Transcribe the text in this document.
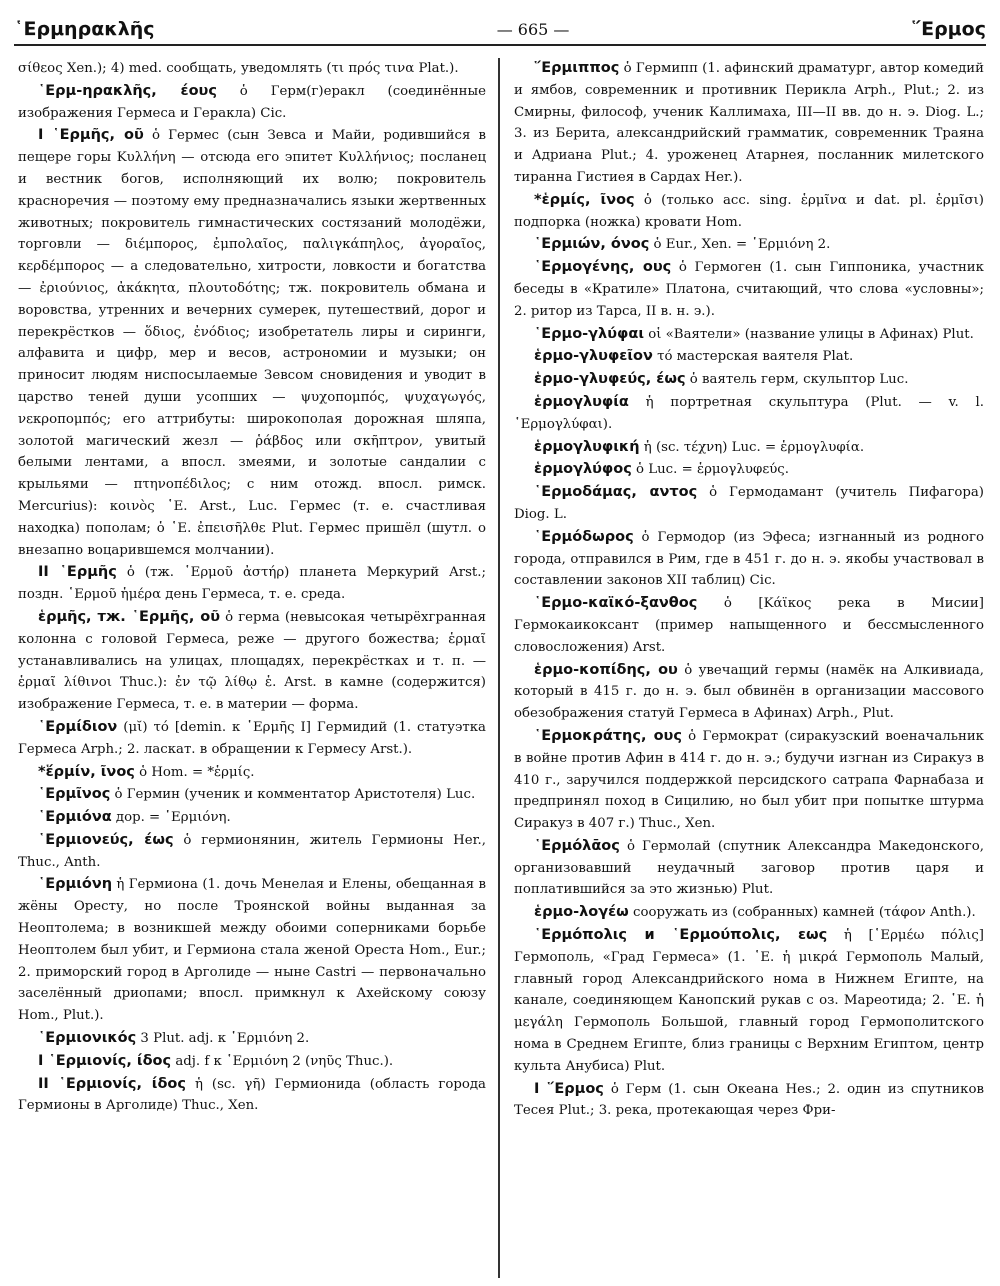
῾Ερμηρακλῆς	— 665 —	῞Ερμος

σίθεος Xen.); 4) med. сообщать, уведомлять (τι πρός τινα Plat.).

῾Ερμ-ηρακλῆς, έους ὁ Герм(г)еракл (соединённые изображения Гермеса и Геракла) Cic.

I ῾Ερμῆς, οῦ ὁ Гермес (сын Зевса и Майи, родившийся в пещере горы Κυλλήνη — отсюда его эпитет Κυλλήνιος; посланец и вестник богов, исполняющий их волю; покровитель красноречия — поэтому ему предназначались языки жертвенных животных; покровитель гимнастических состязаний молодёжи, торговли — διέμπορος, ἐμπολαῖος, παλιγκάπηλος, ἀγοραῖος, κερδέμπορος — а следовательно, хитрости, ловкости и богатства — ἐριούνιος, ἀκάκητα, πλουτοδότης; тж. покровитель обмана и воровства, утренних и вечерних сумерек, путешествий, дорог и перекрёстков — ὅδιος, ἐνόδιος; изобретатель лиры и сиринги, алфавита и цифр, мер и весов, астрономии и музыки; он приносит людям ниспосылаемые Зевсом сновидения и уводит в царство теней души усопших — ψυχοπομπός, ψυχαγωγός, νεκροπομπός; его аттрибуты: широкополая дорожная шляпа, золотой магический жезл — ῥάβδος или σκῆπτρον, увитый белыми лентами, а впосл. змеями, и золотые сандалии с крыльями — πτηνοπέδιλος; с ним отожд. впосл. римск. Mercurius): κοινὸς ῾Ε. Arst., Luc. Гермес (т. е. счастливая находка) пополам; ὁ ῾Ε. ἐπεισῆλθε Plut. Гермес пришёл (шутл. о внезапно воцарившемся молчании).

II ῾Ερμῆς ὁ (тж. ῾Ερμοῦ ἀστήρ) планета Меркурий Arst.; поздн. ῾Ερμοῦ ἡμέρα день Гермеса, т. е. среда.

ἑρμῆς, тж. ῾Ερμῆς, οῦ ὁ герма (невысокая четырёхгранная колонна с головой Гермеса, реже — другого божества; ἑρμαῖ устанавливались на улицах, площадях, перекрёстках и т. п. — ἑρμαῖ λίθινοι Thuc.): ἐν τῷ λίθῳ ἑ. Arst. в камне (содержится) изображение Гермеса, т. е. в материи — форма.

῾Ερμίδιον (μῐ) τό [demin. к ῾Ερμῆς I] Гермидий (1. статуэтка Гермеса Arph.; 2. ласкат. в обращении к Гермесу Arst.).

*ἕρμίν, ῖνος ὁ Hom. = *ἑρμίς.

῾Ερμῖνος ὁ Гермин (ученик и комментатор Аристотеля) Luc.

῾Ερμιόνα дор. = ῾Ερμιόνη.

῾Ερμιονεύς, έως ὁ гермионянин, житель Гермионы Her., Thuc., Anth.

῾Ερμιόνη ἡ Гермиона (1. дочь Менелая и Елены, обещанная в жёны Оресту, но после Троянской войны выданная за Неоптолема; в возникшей между обоими соперниками борьбе Неоптолем был убит, и Гермиона стала женой Ореста Hom., Eur.; 2. приморский город в Арголиде — ныне Castri — первоначально заселённый дриопами; впосл. примкнул к Ахейскому союзу Hom., Plut.).

῾Ερμιονικός 3 Plut. adj. к ῾Ερμιόνη 2.

I ῾Ερμιονίς, ίδος adj. f к ῾Ερμιόνη 2 (νηῦς Thuc.).

II ῾Ερμιονίς, ίδος ἡ (sc. γῆ) Гермионида (область города Гермионы в Арголиде) Thuc., Xen.

῞Ερμιππος ὁ Гермипп (1. афинский драматург, автор комедий и ямбов, современник и противник Перикла Arph., Plut.; 2. из Смирны, философ, ученик Каллимаха, III—II вв. до н. э. Diog. L.; 3. из Берита, александрийский грамматик, современник Траяна и Адриана Plut.; 4. уроженец Атарнея, посланник милетского тиранна Гистиея в Сардах Her.).

*ἑρμίς, ῖνος ὁ (только acc. sing. ἑρμῖνα и dat. pl. ἑρμῖσι) подпорка (ножка) кровати Hom.

῾Ερμιών, όνος ὁ Eur., Xen. = ῾Ερμιόνη 2.

῾Ερμογένης, ους ὁ Гермоген (1. сын Гиппоника, участник беседы в «Кратиле» Платона, считающий, что слова «условны»; 2. ритор из Тарса, II в. н. э.).

῾Ερμο-γλύφαι οἱ «Ваятели» (название улицы в Афинах) Plut.

ἑρμο-γλυφεῖον τό мастерская ваятеля Plat.

ἑρμο-γλυφεύς, έως ὁ ваятель герм, скульптор Luc.

ἑρμογλυφία ἡ портретная скульптура (Plut. — v. l. ῾Ερμογλύφαι).

ἑρμογλυφική ἡ (sc. τέχνη) Luc. = ἑρμογλυφία.

ἑρμογλύφος ὁ Luc. = ἑρμογλυφεύς.

῾Ερμοδάμας, αντος ὁ Гермодамант (учитель Пифагора) Diog. L.

῾Ερμόδωρος ὁ Гермодор (из Эфеса; изгнанный из родного города, отправился в Рим, где в 451 г. до н. э. якобы участвовал в составлении законов XII таблиц) Cic.

῾Ερμο-καϊκό-ξανθος ὁ [Κάϊκος река в Мисии] Гермокаикоксант (пример напыщенного и бессмысленного словосложения) Arst.

ἑρμο-κοπίδης, ου ὁ увечащий гермы (намёк на Алкивиада, который в 415 г. до н. э. был обвинён в организации массового обезображения статуй Гермеса в Афинах) Arph., Plut.

῾Ερμοκράτης, ους ὁ Гермократ (сиракузский военачальник в войне против Афин в 414 г. до н. э.; будучи изгнан из Сиракуз в 410 г., заручился поддержкой персидского сатрапа Фарнабаза и предпринял поход в Сицилию, но был убит при попытке штурма Сиракуз в 407 г.) Thuc., Xen.

῾Ερμόλᾱος ὁ Гермолай (спутник Александра Македонского, организовавший неудачный заговор против царя и поплатившийся за это жизнью) Plut.

ἑρμο-λογέω сооружать из (собранных) камней (τάφον Anth.).

῾Ερμόπολις и ῾Ερμούπολις, εως ἡ [῾Ερμέω πόλις] Гермополь, «Град Гермеса» (1. ῾Ε. ἡ μικρά Гермополь Малый, главный город Александрийского нома в Нижнем Египте, на канале, соединяющем Канопский рукав с оз. Мареотида; 2. ῾Ε. ἡ μεγάλη Гермополь Большой, главный город Гермополитского нома в Среднем Египте, близ границы с Верхним Египтом, центр культа Анубиса) Plut.

I ῞Ερμος ὁ Герм (1. сын Океана Hes.; 2. один из спутников Тесея Plut.; 3. река, протекающая через Фри-
